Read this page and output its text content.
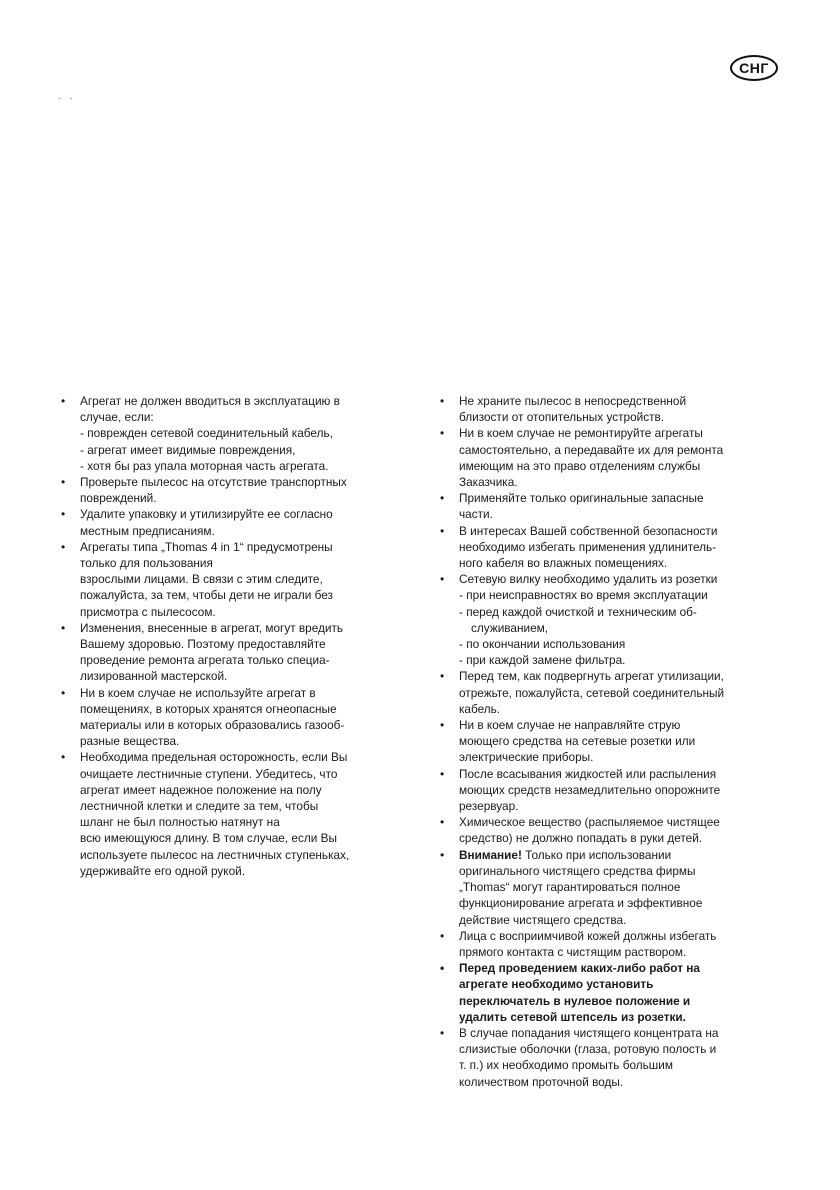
СНГ
- -
• Агрегат не должен вводиться в эксплуатацию в
случае, если:
- поврежден сетевой соединительный кабель,
- агрегат имеет видимые повреждения,
- хотя бы раз упала моторная часть агрегата.
• Проверьте пылесос на отсутствие транспортных
повреждений.
• Удалите упаковку и утилизируйте ее согласно
местным предписаниям.
• Агрегаты типа „Thomas 4 in 1“ предусмотрены
только для пользования
взрослыми лицами. В связи с этим следите,
пожалуйста, за тем, чтобы дети не играли без
присмотра с пылесосом.
• Изменения, внесенные в агрегат, могут вредить
Вашему здоровью. Поэтому предоставляйте
проведение ремонта агрегата только специа-
лизированной мастерской.
• Ни в коем случае не используйте агрегат в
помещениях, в которых хранятся огнеопасные
материалы или в которых образовались газооб-
разные вещества.
• Необходима предельная осторожность, если Вы
очищаете лестничные ступени. Убедитесь, что
агрегат имеет надежное положение на полу
лестничной клетки и следите за тем, чтобы
шланг не был полностью натянут на
всю имеющуюся длину. В том случае, если Вы
используете пылесос на лестничных ступеньках,
удерживайте его одной рукой.
• Не храните пылесос в непосредственной
близости от отопительных устройств.
• Ни в коем случае не ремонтируйте агрегаты
самостоятельно, а передавайте их для ремонта
имеющим на это право отделениям службы
Заказчика.
• Применяйте только оригинальные запасные
части.
• В интересах Вашей собственной безопасности
необходимо избегать применения удлинитель-
ного кабеля во влажных помещениях.
• Сетевую вилку необходимо удалить из розетки
- при неисправностях во время эксплуатации
- перед каждой очисткой и техническим об-
служиванием,
- по окончании использования
- при каждой замене фильтра.
• Перед тем, как подвергнуть агрегат утилизации,
отрежьте, пожалуйста, сетевой соединительный
кабель.
• Ни в коем случае не направляйте струю
моющего средства на сетевые розетки или
электрические приборы.
• После всасывания жидкостей или распыления
моющих средств незамедлительно опорожните
резервуар.
• Химическое вещество (распыляемое чистящее
средство) не должно попадать в руки детей.
• Внимание! Только при использовании
оригинального чистящего средства фирмы
„Thomas“ могут гарантироваться полное
функционирование агрегата и эффективное
действие чистящего средства.
• Лица с восприимчивой кожей должны избегать
прямого контакта с чистящим раствором.
• Перед проведением каких-либо работ на
агрегате необходимо установить
переключатель в нулевое положение и
удалить сетевой штепсель из розетки.
• В случае попадания чистящего концентрата на
слизистые оболочки (глаза, ротовую полость и
т. п.) их необходимо промыть большим
количеством проточной воды.
